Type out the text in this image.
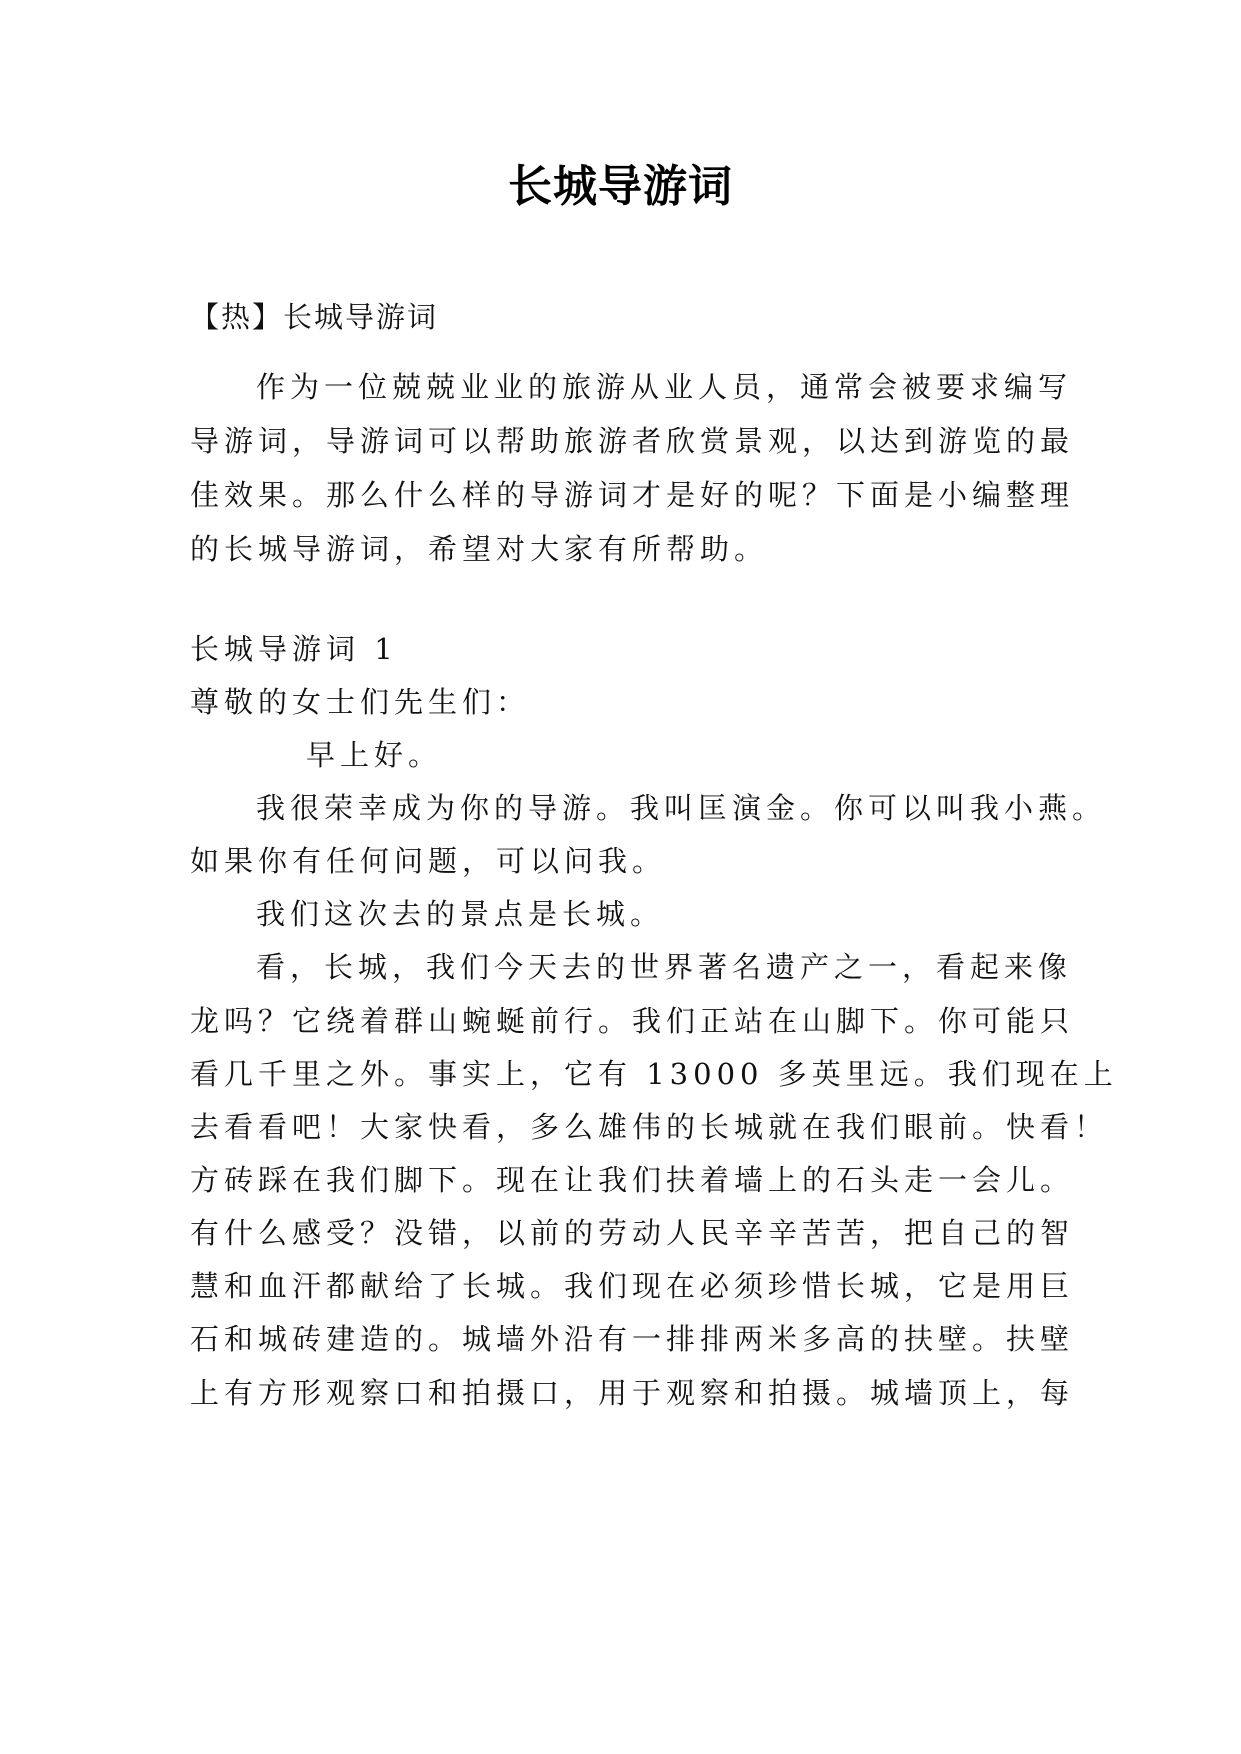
长城导游词
【热】长城导游词
作为一位兢兢业业的旅游从业人员，通常会被要求编写
导游词，导游词可以帮助旅游者欣赏景观，以达到游览的最
佳效果。那么什么样的导游词才是好的呢？下面是小编整理
的长城导游词，希望对大家有所帮助。
长城导游词 1
尊敬的女士们先生们：
早上好。
我很荣幸成为你的导游。我叫匡演金。你可以叫我小燕。
如果你有任何问题，可以问我。
我们这次去的景点是长城。
看，长城，我们今天去的世界著名遗产之一，看起来像
龙吗？它绕着群山蜿蜒前行。我们正站在山脚下。你可能只
看几千里之外。事实上，它有 13000 多英里远。我们现在上
去看看吧！大家快看，多么雄伟的长城就在我们眼前。快看！
方砖踩在我们脚下。现在让我们扶着墙上的石头走一会儿。
有什么感受？没错，以前的劳动人民辛辛苦苦，把自己的智
慧和血汗都献给了长城。我们现在必须珍惜长城，它是用巨
石和城砖建造的。城墙外沿有一排排两米多高的扶壁。扶壁
上有方形观察口和拍摄口，用于观察和拍摄。城墙顶上，每
